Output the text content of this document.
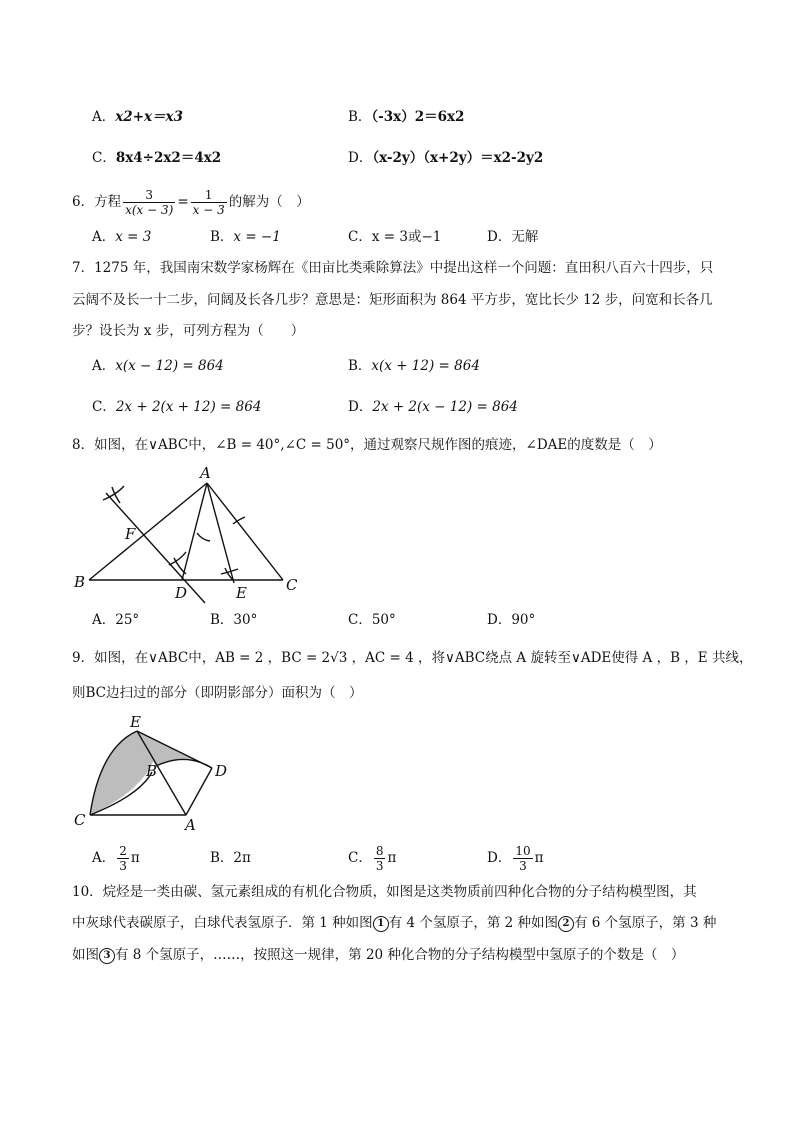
A．x2+x＝x3	B．（-3x）2＝6x2
C．8x4÷2x2＝4x2	D．（x-2y）（x+2y）＝x2-2y2
6．方程 $\frac{3}{x(x - 3)} = \frac{1}{x - 3}$ 的解为（　）
A．x = 3	B．x = −1	C．x = 3或−1	D．无解
7．1275 年，我国南宋数学家杨辉在《田亩比类乘除算法》中提出这样一个问题：直田积八百六十四步，只
云阔不及长一十二步，问阔及长各几步？意思是：矩形面积为 864 平方步，宽比长少 12 步，问宽和长各几
步？设长为 x 步，可列方程为（　　）
A．x(x − 12) = 864	B．x(x + 12) = 864
C．2x + 2(x + 12) = 864	D．2x + 2(x − 12) = 864
8．如图，在∨ABC中，∠B = 40°,∠C = 50°，通过观察尺规作图的痕迹，∠DAE的度数是（　）
A
B	C
D	E
F
E
B	D
C	A
A．25°	B．30°	C．50°	D．90°
9．如图，在∨ABC中，AB = 2 ，BC = 2√3 ，AC = 4 ，将∨ABC绕点 A 旋转至∨ADE使得 A ，B ，E 共线，
则BC边扫过的部分（即阴影部分）面积为（　）
A． $\frac{2}{3}$ π	B．2π	C． $\frac{8}{3}$ π	D． $\frac{10}{3}$ π
10．烷烃是一类由碳、氢元素组成的有机化合物质，如图是这类物质前四种化合物的分子结构模型图，其
中灰球代表碳原子，白球代表氢原子．第 1 种如图 1 有 4 个氢原子，第 2 种如图 2 有 6 个氢原子，第 3 种
如图 3 有 8 个氢原子，……，按照这一规律，第 20 种化合物的分子结构模型中氢原子的个数是（　）
